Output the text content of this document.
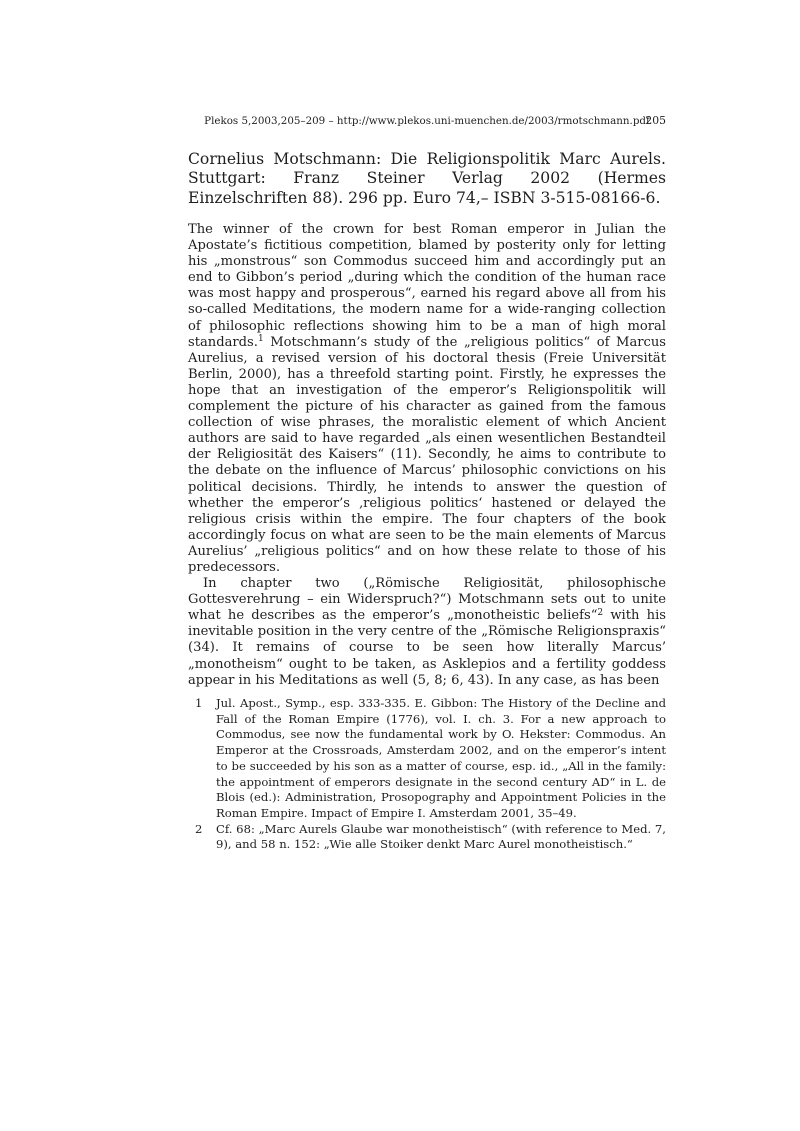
Plekos 5,2003,205–209 – http://www.plekos.uni-muenchen.de/2003/rmotschmann.pdf
205
Cornelius Motschmann: Die Religionspolitik Marc Aurels. Stuttgart: Franz Steiner Verlag 2002 (Hermes Einzelschriften 88). 296 pp. Euro 74,– ISBN 3-515-08166-6.

The winner of the crown for best Roman emperor in Julian the Apostate’s fictitious competition, blamed by posterity only for letting his „monstrous“ son Commodus succeed him and accordingly put an end to Gibbon’s period „during which the condition of the human race was most happy and prosperous“, earned his regard above all from his so-called Meditations, the modern name for a wide-ranging collection of philosophic reflections showing him to be a man of high moral standards.$^1$ Motschmann’s study of the „religious politics“ of Marcus Aurelius, a revised version of his doctoral thesis (Freie Universität Berlin, 2000), has a threefold starting point. Firstly, he expresses the hope that an investigation of the emperor’s Religionspolitik will complement the picture of his character as gained from the famous collection of wise phrases, the moralistic element of which Ancient authors are said to have regarded „als einen wesentlichen Bestandteil der Religiosität des Kaisers“ (11). Secondly, he aims to contribute to the debate on the influence of Marcus’ philosophic convictions on his political decisions. Thirdly, he intends to answer the question of whether the emperor’s ‚religious politics‘ hastened or delayed the religious crisis within the empire. The four chapters of the book accordingly focus on what are seen to be the main elements of Marcus Aurelius’ „religious politics“ and on how these relate to those of his predecessors.

In chapter two („Römische Religiosität, philosophische Gottesverehrung – ein Widerspruch?“) Motschmann sets out to unite what he describes as the emperor’s „monotheistic beliefs“$^2$ with his inevitable position in the very centre of the „Römische Religionspraxis“ (34). It remains of course to be seen how literally Marcus’ „monotheism“ ought to be taken, as Asklepios and a fertility goddess appear in his Meditations as well (5, 8; 6, 43). In any case, as has been

1	Jul. Apost., Symp., esp. 333-335. E. Gibbon: The History of the Decline and Fall of the Roman Empire (1776), vol. I. ch. 3. For a new approach to Commodus, see now the fundamental work by O. Hekster: Commodus. An Emperor at the Crossroads, Amsterdam 2002, and on the emperor’s intent to be succeeded by his son as a matter of course, esp. id., „All in the family: the appointment of emperors designate in the second century AD“ in L. de Blois (ed.): Administration, Prosopography and Appointment Policies in the Roman Empire. Impact of Empire I. Amsterdam 2001, 35–49.
2	Cf. 68: „Marc Aurels Glaube war monotheistisch“ (with reference to Med. 7, 9), and 58 n. 152: „Wie alle Stoiker denkt Marc Aurel monotheistisch.“
